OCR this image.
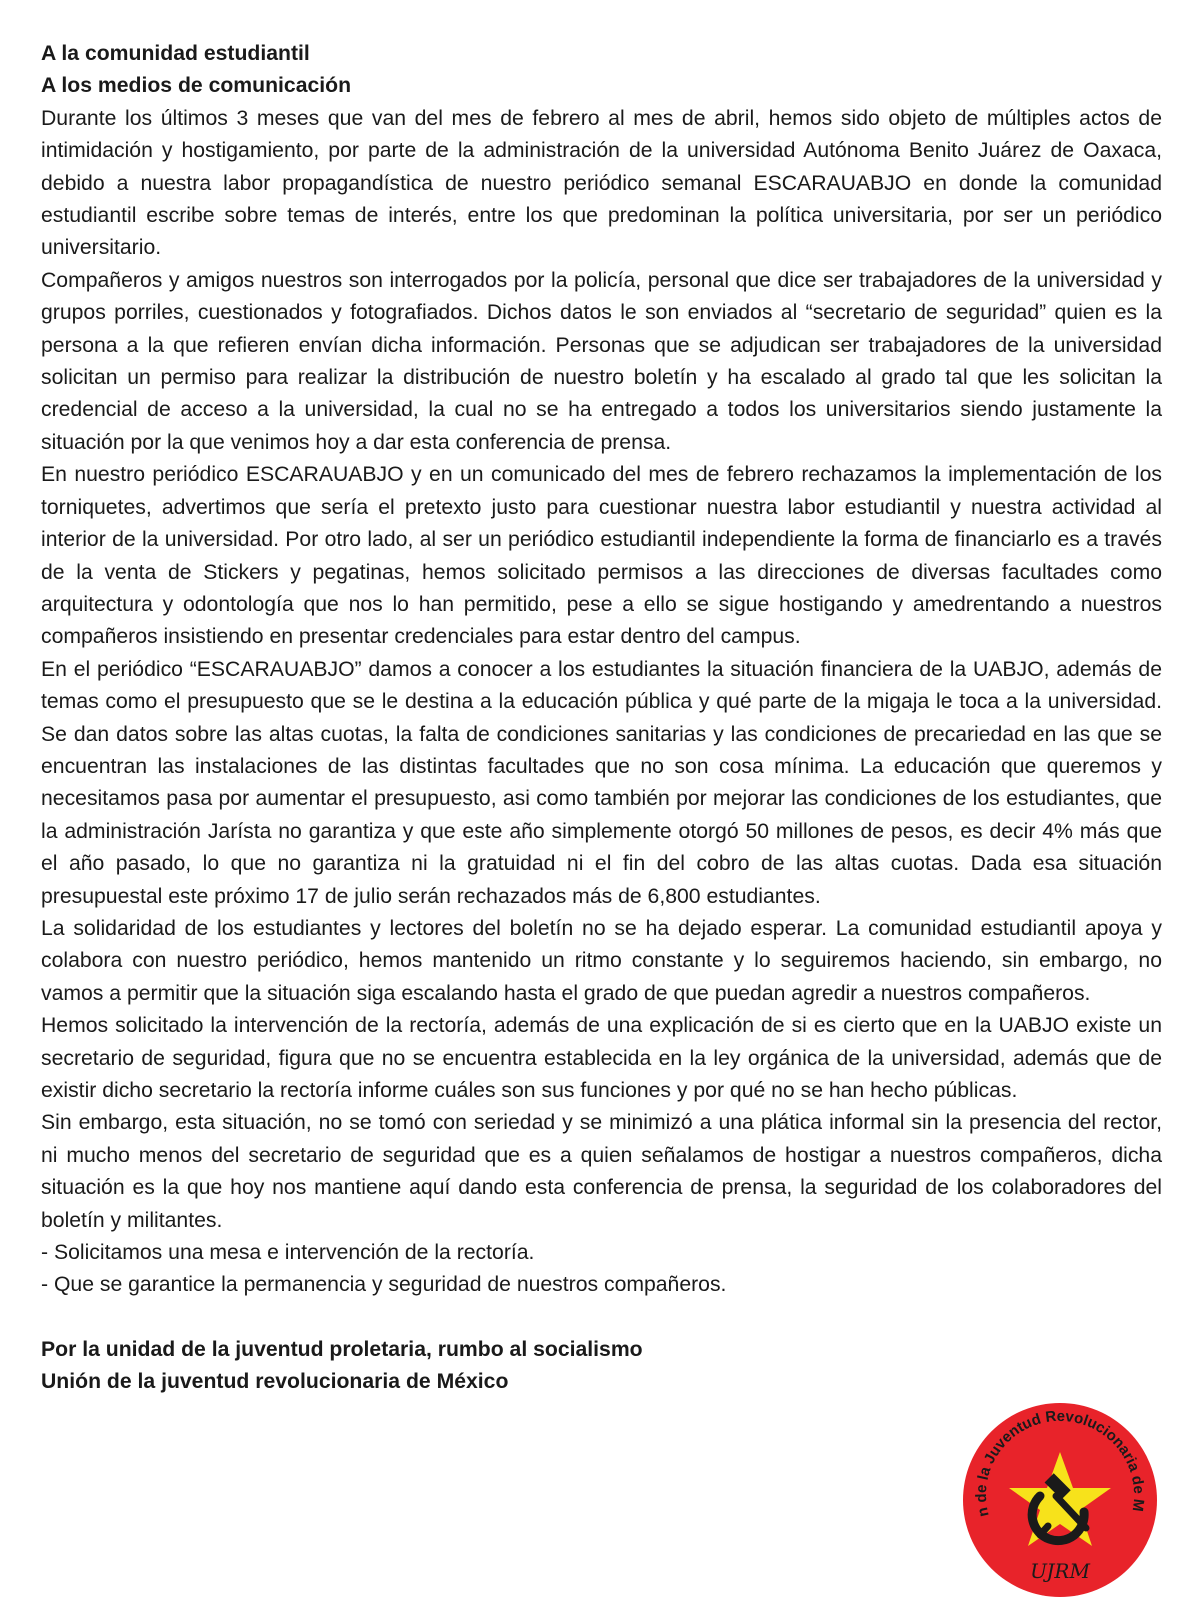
A la comunidad estudiantil

A los medios de comunicación

Durante los últimos 3 meses que van del mes de febrero al mes de abril, hemos sido objeto de múltiples actos de intimidación y hostigamiento, por parte de la administración de la universidad Autónoma Benito Juárez de Oaxaca, debido a nuestra labor propagandística de nuestro periódico semanal ESCARAUABJO en donde la comunidad estudiantil escribe sobre temas de interés, entre los que predominan la política universitaria, por ser un periódico universitario.

Compañeros y amigos nuestros son interrogados por la policía, personal que dice ser trabajadores de la universidad y grupos porriles, cuestionados y fotografiados. Dichos datos le son enviados al “secretario de seguridad” quien es la persona a la que refieren envían dicha información. Personas que se adjudican ser trabajadores de la universidad solicitan un permiso para realizar la distribución de nuestro boletín y ha escalado al grado tal que les solicitan la credencial de acceso a la universidad, la cual no se ha entregado a todos los universitarios siendo justamente la situación por la que venimos hoy a dar esta conferencia de prensa.

En nuestro periódico ESCARAUABJO y en un comunicado del mes de febrero rechazamos la implementación de los torniquetes, advertimos que sería el pretexto justo para cuestionar nuestra labor estudiantil y nuestra actividad al interior de la universidad. Por otro lado, al ser un periódico estudiantil independiente la forma de financiarlo es a través de la venta de Stickers y pegatinas, hemos solicitado permisos a las direcciones de diversas facultades como arquitectura y odontología que nos lo han permitido, pese a ello se sigue hostigando y amedrentando a nuestros compañeros insistiendo en presentar credenciales para estar dentro del campus.

En el periódico “ESCARAUABJO” damos a conocer a los estudiantes la situación financiera de la UABJO, además de temas como el presupuesto que se le destina a la educación pública y qué parte de la migaja le toca a la universidad. Se dan datos sobre las altas cuotas, la falta de condiciones sanitarias y las condiciones de precariedad en las que se encuentran las instalaciones de las distintas facultades que no son cosa mínima. La educación que queremos y necesitamos pasa por aumentar el presupuesto, asi como también por mejorar las condiciones de los estudiantes, que la administración Jarísta no garantiza y que este año simplemente otorgó 50 millones de pesos, es decir 4% más que el año pasado, lo que no garantiza ni la gratuidad ni el fin del cobro de las altas cuotas. Dada esa situación presupuestal este próximo 17 de julio serán rechazados más de 6,800 estudiantes.

La solidaridad de los estudiantes y lectores del boletín no se ha dejado esperar. La comunidad estudiantil apoya y colabora con nuestro periódico, hemos mantenido un ritmo constante y lo seguiremos haciendo, sin embargo, no vamos a permitir que la situación siga escalando hasta el grado de que puedan agredir a nuestros compañeros.

Hemos solicitado la intervención de la rectoría, además de una explicación de si es cierto que en la UABJO existe un secretario de seguridad, figura que no se encuentra establecida en la ley orgánica de la universidad, además que de existir dicho secretario la rectoría informe cuáles son sus funciones y por qué no se han hecho públicas.

Sin embargo, esta situación, no se tomó con seriedad y se minimizó a una plática informal sin la presencia del rector, ni mucho menos del secretario de seguridad que es a quien señalamos de hostigar a nuestros compañeros, dicha situación es la que hoy nos mantiene aquí dando esta conferencia de prensa, la seguridad de los colaboradores del boletín y militantes.

- Solicitamos una mesa e intervención de la rectoría.

- Que se garantice la permanencia y seguridad de nuestros compañeros.

Por la unidad de la juventud proletaria, rumbo al socialismo

Unión de la juventud revolucionaria de México

n de la Juventud Revolucionaria de M
UJRM
